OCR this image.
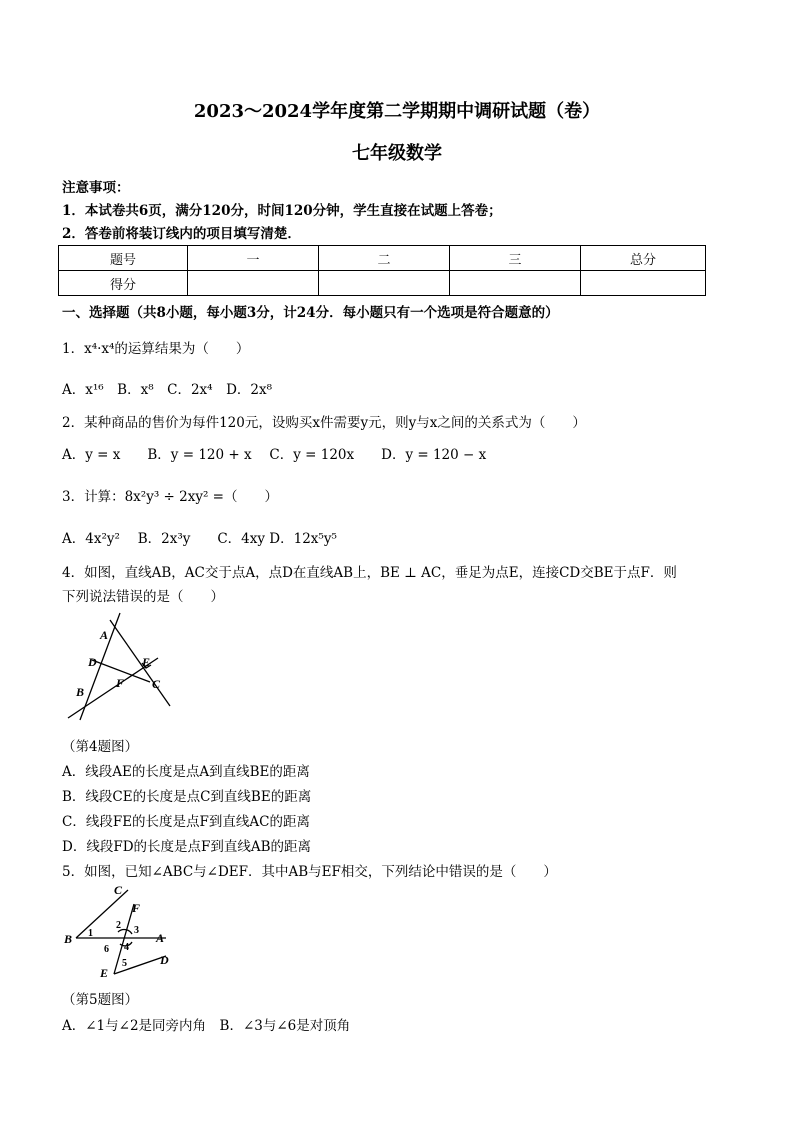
2023～2024学年度第二学期期中调研试题（卷）
七年级数学
注意事项：
1．本试卷共6页，满分120分，时间120分钟，学生直接在试题上答卷；
2．答卷前将装订线内的项目填写清楚．
题号	一	二	三	总分
得分				
一、选择题（共8小题，每小题3分，计24分．每小题只有一个选项是符合题意的）
1．x⁴·x⁴的运算结果为（　　）
A．x¹⁶　B．x⁸　C．2x⁴　D．2x⁸
2．某种商品的售价为每件120元，设购买x件需要y元，则y与x之间的关系式为（　　）
A．y = x　　B．y = 120 + x　 C．y = 120x　　D．y = 120 − x
3．计算：8x²y³ ÷ 2xy² =（　　）
A．4x²y²　 B．2x³y　　C．4xy D．12x⁵y⁵
4．如图，直线AB，AC交于点A，点D在直线AB上，BE ⊥ AC，垂足为点E，连接CD交BE于点F．则
下列说法错误的是（　　）
A
D	E
F
B
C
（第4题图）
A．线段AE的长度是点A到直线BE的距离
B．线段CE的长度是点C到直线BE的距离
C．线段FE的长度是点F到直线AC的距离
D．线段FD的长度是点F到直线AB的距离
5．如图，已知∠ABC与∠DEF．其中AB与EF相交，下列结论中错误的是（　　）
C
F
B	A
E
D
1
2 3
4
5
6
（第5题图）
A．∠1与∠2是同旁内角　B．∠3与∠6是对顶角
